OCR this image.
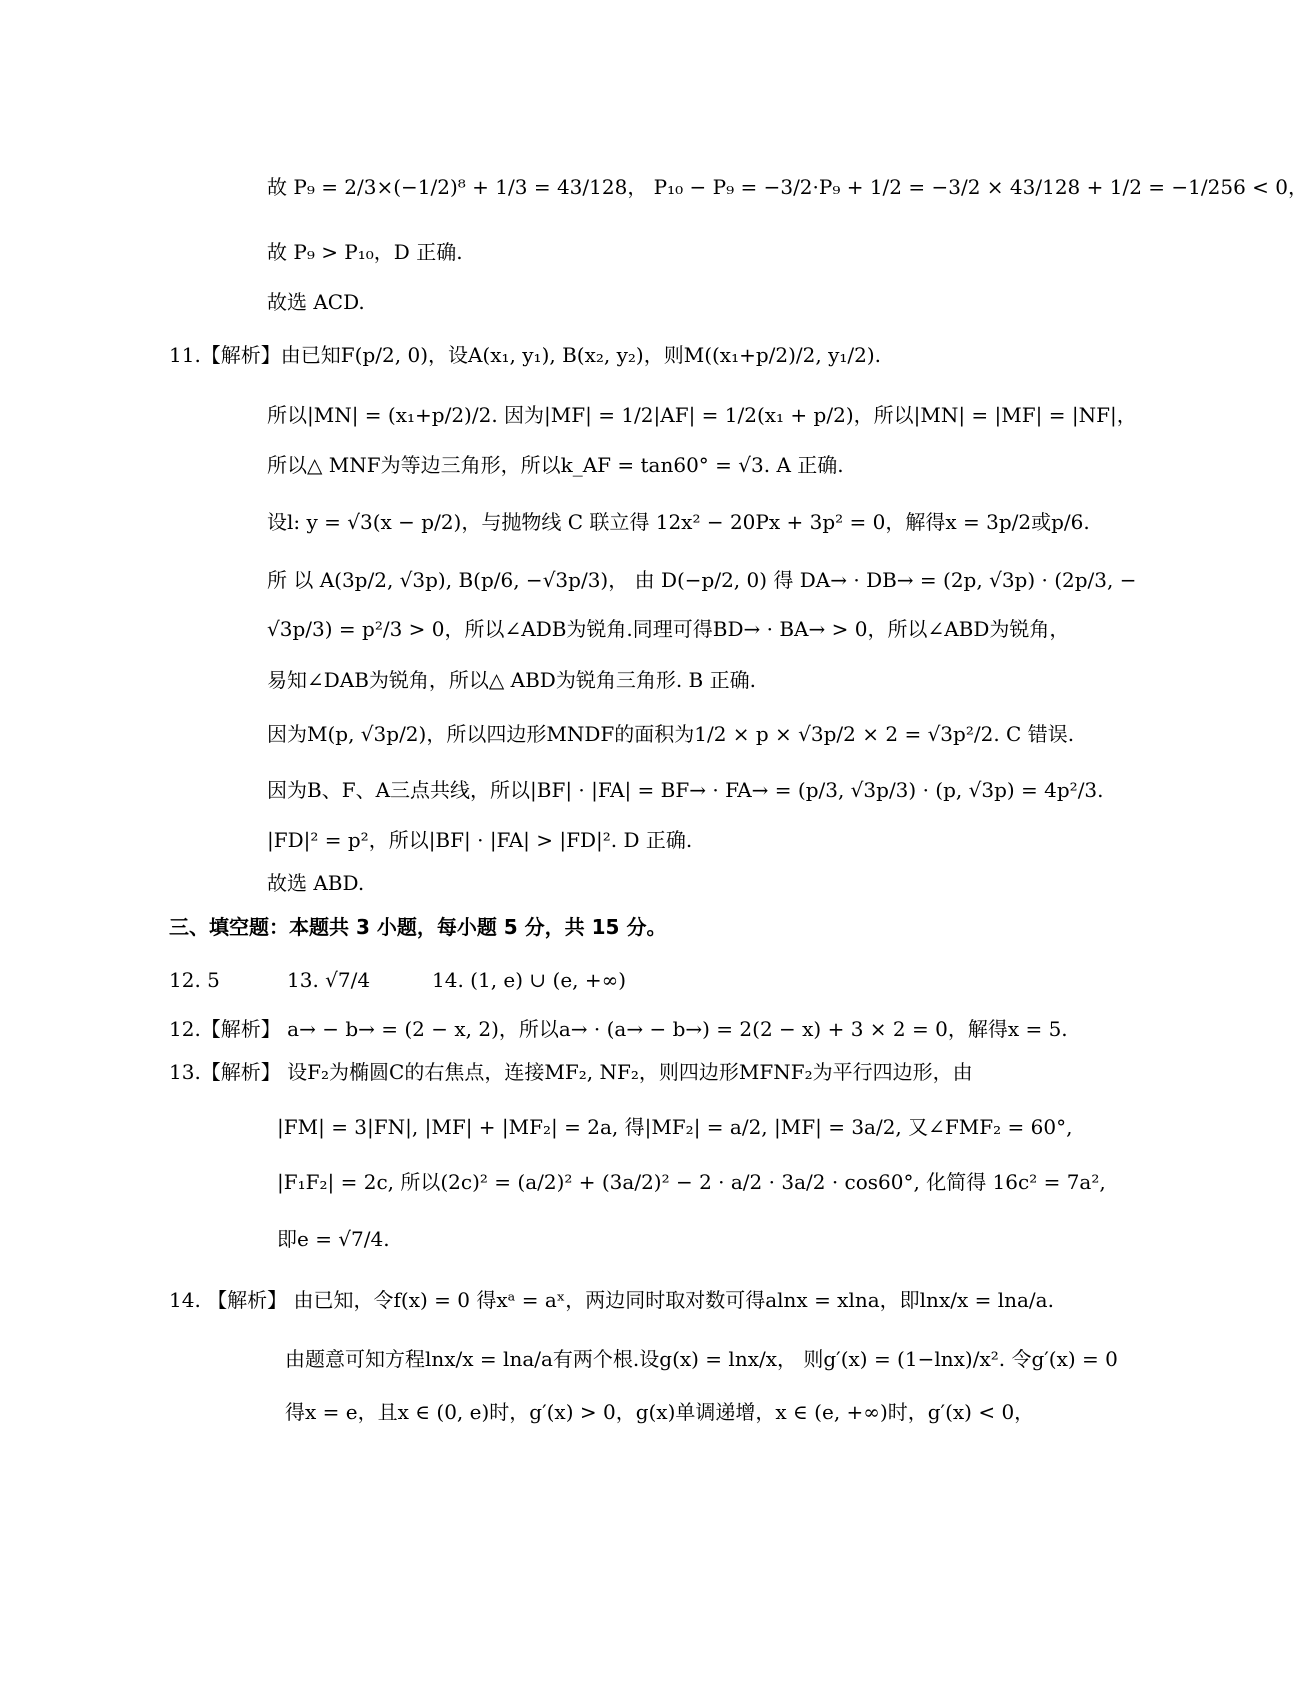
故 P₉ = 2/3×(−1/2)⁸ + 1/3 = 43/128， P₁₀ − P₉ = −3/2·P₉ + 1/2 = −3/2 × 43/128 + 1/2 = −1/256 < 0，
故 P₉ > P₁₀，D 正确.
故选 ACD.
11.【解析】由已知F(p/2, 0)，设A(x₁, y₁), B(x₂, y₂)，则M((x₁+p/2)/2, y₁/2).
所以|MN| = (x₁+p/2)/2. 因为|MF| = 1/2|AF| = 1/2(x₁ + p/2)，所以|MN| = |MF| = |NF|，
所以△ MNF为等边三角形，所以k_AF = tan60° = √3. A 正确.
设l: y = √3(x − p/2)，与抛物线 C 联立得 12x² − 20Px + 3p² = 0，解得x = 3p/2或p/6.
所 以 A(3p/2, √3p), B(p/6, −√3p/3)， 由 D(−p/2, 0) 得 DA→ · DB→ = (2p, √3p) · (2p/3, −
√3p/3) = p²/3 > 0，所以∠ADB为锐角.同理可得BD→ · BA→ > 0，所以∠ABD为锐角，
易知∠DAB为锐角，所以△ ABD为锐角三角形. B 正确.
因为M(p, √3p/2)，所以四边形MNDF的面积为1/2 × p × √3p/2 × 2 = √3p²/2. C 错误.
因为B、F、A三点共线，所以|BF| · |FA| = BF→ · FA→ = (p/3, √3p/3) · (p, √3p) = 4p²/3.
|FD|² = p²，所以|BF| · |FA| > |FD|². D 正确.
故选 ABD.
三、填空题：本题共 3 小题，每小题 5 分，共 15 分。
12. 5	13. √7/4	14. (1, e) ∪ (e, +∞)
12.【解析】 a→ − b→ = (2 − x, 2)，所以a→ · (a→ − b→) = 2(2 − x) + 3 × 2 = 0，解得x = 5.
13.【解析】 设F₂为椭圆C的右焦点，连接MF₂, NF₂，则四边形MFNF₂为平行四边形，由
|FM| = 3|FN|, |MF| + |MF₂| = 2a, 得|MF₂| = a/2, |MF| = 3a/2, 又∠FMF₂ = 60°,
|F₁F₂| = 2c, 所以(2c)² = (a/2)² + (3a/2)² − 2 · a/2 · 3a/2 · cos60°, 化简得 16c² = 7a²,
即e = √7/4.
14. 【解析】 由已知，令f(x) = 0 得xᵃ = aˣ，两边同时取对数可得alnx = xlna，即lnx/x = lna/a.
由题意可知方程lnx/x = lna/a有两个根.设g(x) = lnx/x， 则g′(x) = (1−lnx)/x². 令g′(x) = 0
得x = e，且x ∈ (0, e)时，g′(x) > 0，g(x)单调递增，x ∈ (e, +∞)时，g′(x) < 0，
